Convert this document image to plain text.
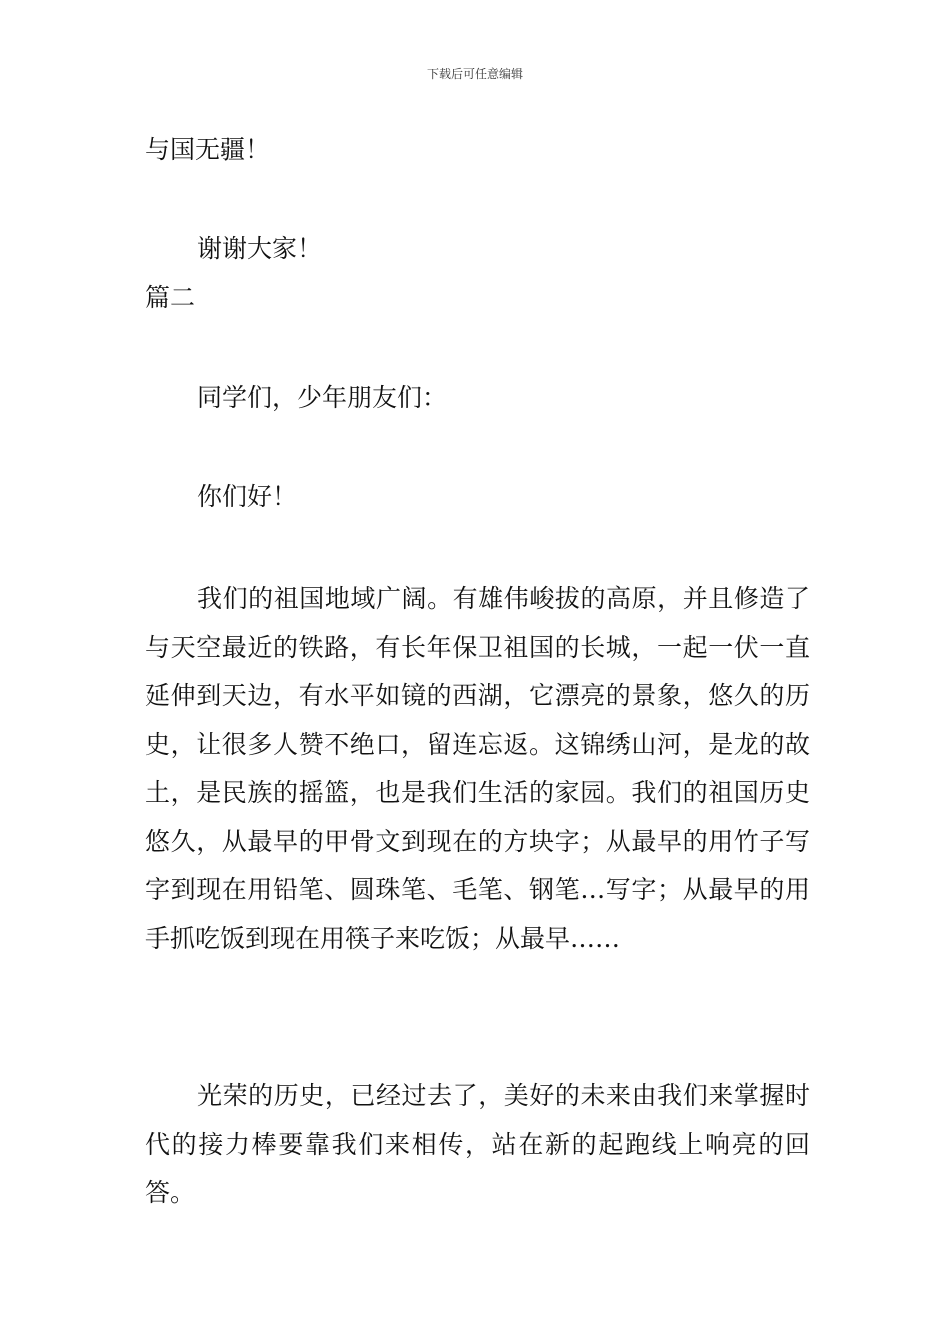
下载后可任意编辑
与国无疆！
谢谢大家！
篇二
同学们，少年朋友们：
你们好！

我们的祖国地域广阔。有雄伟峻拔的高原，并且修造了与天空最近的铁路，有长年保卫祖国的长城，一起一伏一直延伸到天边，有水平如镜的西湖，它漂亮的景象，悠久的历史，让很多人赞不绝口，留连忘返。这锦绣山河，是龙的故土，是民族的摇篮，也是我们生活的家园。我们的祖国历史悠久，从最早的甲骨文到现在的方块字；从最早的用竹子写字到现在用铅笔、圆珠笔、毛笔、钢笔…写字；从最早的用手抓吃饭到现在用筷子来吃饭；从最早……

光荣的历史，已经过去了，美好的未来由我们来掌握时代的接力棒要靠我们来相传，站在新的起跑线上响亮的回答。
